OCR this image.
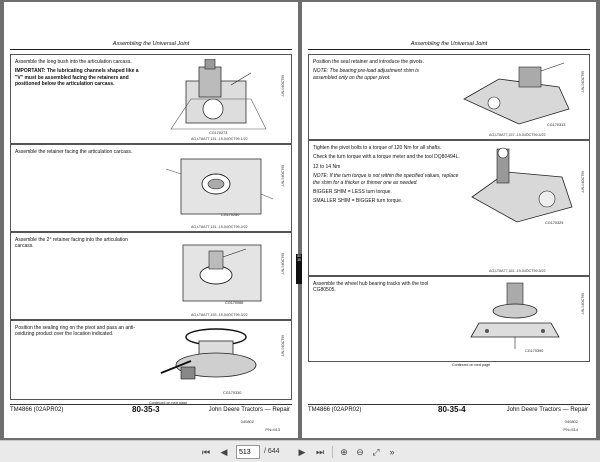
Assembling the Universal Joint

Assemble the long bush into the articulation carcass.

IMPORTANT: The lubricating channels shaped like a "V" must be assembled facing the retainers and positioned below the articulation carcass.

CG170273
-UN-04OCT99
AG,LT8A77,151 -19-04OCT99-1/22

Assemble the retainer facing the articulation carcass.

CG170280
-UN-04OCT99
AG,LT8A77,151 -19-04OCT99-2/22

Assemble the 2° retainer facing into the articulation carcass.

CG170066
-UN-04OCT99
AG,LT8A77,153 -19-04OCT99-3/22

Position the sealing ring on the pivot and pass an anti-oxidizing product over the location indicated.

CG170330
-UN-04OCT99
Continued on next page
TM4866 (02APR02)	80-35-3	John Deere Tractors — Repair
040802
PN=513
80
35
Assembling the Universal Joint

Position the seal retainer and introduce the pivots.

NOTE: The bearing pre-load adjustment shim is assembled only on the upper pivot.

CG170313
-UN-04OCT99
AG,LT8A77,157 -19-04OCT99-4/22

Tighten the pivot bolts to a torque of 120 Nm for all shafts.

Check the turn torque with a torque meter and the tool DQ80494L.

12 to 14 Nm

NOTE: If the turn torque is not within the specified values, replace the shim for a thicker or thinner one as needed.

BIGGER SHIM = LESS turn torque.

SMALLER SHIM = BIGGER turn torque.

CG170329
-UN-04OCT99
AG,LT8A77,161 -19-04OCT99-5/22

Assemble the wheel hub bearing tracks with the tool CG80505.

CG170390
-UN-04OCT99
Continued on next page
TM4866 (02APR02)	80-35-4	John Deere Tractors — Repair
040802
PN=514
⏮ ◀
513	/ 644 ▶ ⏭ ⊕ ⊖ ⤢	»
